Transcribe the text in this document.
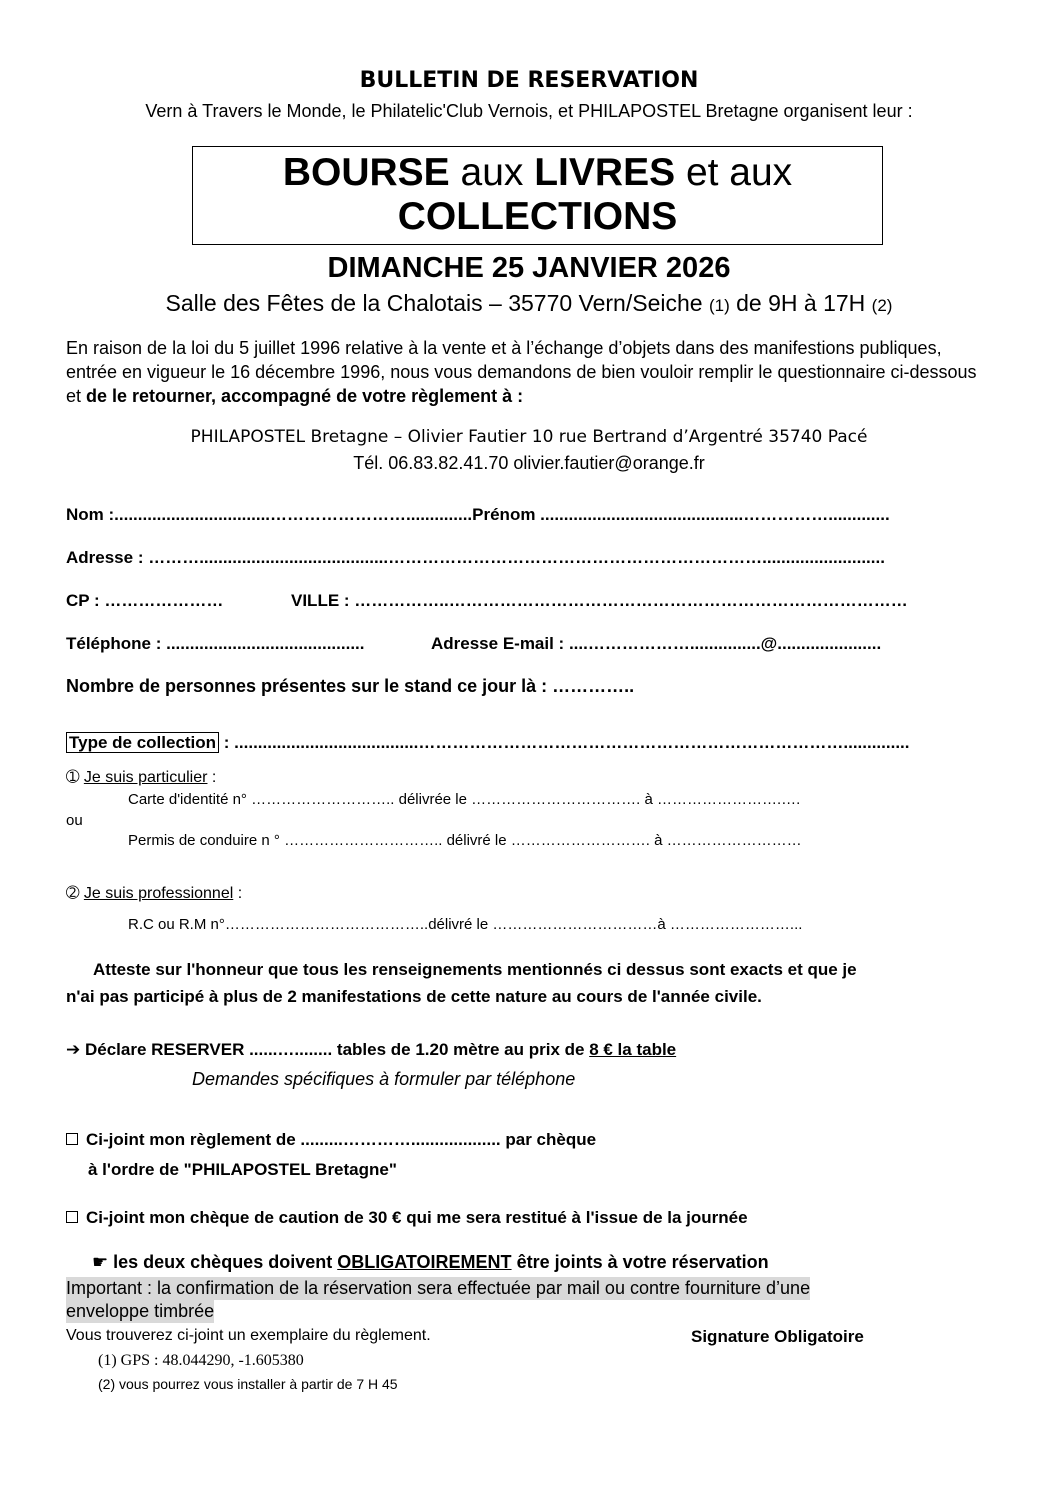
BULLETIN DE RESERVATION
Vern à Travers le Monde, le Philatelic'Club Vernois, et PHILAPOSTEL Bretagne organisent leur :
BOURSE aux LIVRES et aux
COLLECTIONS
DIMANCHE 25 JANVIER 2026
Salle des Fêtes de la Chalotais – 35770 Vern/Seiche (1) de 9H à 17H (2)
En raison de la loi du 5 juillet 1996 relative à la vente et à l’échange d’objets dans des manifestions publiques, entrée en vigueur le 16 décembre 1996, nous vous demandons de bien vouloir remplir le questionnaire ci-dessous et de le retourner, accompagné de votre règlement à :
PHILAPOSTEL Bretagne – Olivier Fautier 10 rue Bertrand d’Argentré 35740 Pacé
Tél. 06.83.82.41.70 olivier.fautier@orange.fr
Nom :.................................……………………..............Prénom ...........................................…………….............
Adresse : ………........................................…………………………………………………………..........................
CP : …………………	VILLE : ……………..………………………………………………………………………
Téléphone : ..........................................	Adresse E-mail : ....………………...............@......................
Nombre de personnes présentes sur le stand ce jour là : …………..
Type de collection : .......................................…………………………………………………………………..............
➀ Je suis particulier :
Carte d'identité n° ……………………….. délivrée le ……………………………. à …………………….….
ou
Permis de conduire n ° ………………………….. délivré le ………………………. à ………………………
➁ Je suis professionnel :
R.C ou R.M n°…………………………………..délivré le ……………………………à ……………………...
Atteste sur l'honneur que tous les renseignements mentionnés ci dessus sont exacts et que je
n'ai pas participé à plus de 2 manifestations de cette nature au cours de l'année civile.
➔ Déclare RESERVER ......…........ tables de 1.20 mètre au prix de 8 € la table
Demandes spécifiques à formuler par téléphone
Ci-joint mon règlement de .........…………................... par chèque
à l'ordre de "PHILAPOSTEL Bretagne"
Ci-joint mon chèque de caution de 30 € qui me sera restitué à l'issue de la journée
☛ les deux chèques doivent OBLIGATOIREMENT être joints à votre réservation
Important : la confirmation de la réservation sera effectuée par mail ou contre fourniture d’une
enveloppe timbrée
Vous trouverez ci-joint un exemplaire du règlement.	Signature Obligatoire
(1) GPS : 48.044290, -1.605380
(2) vous pourrez vous installer à partir de 7 H 45
